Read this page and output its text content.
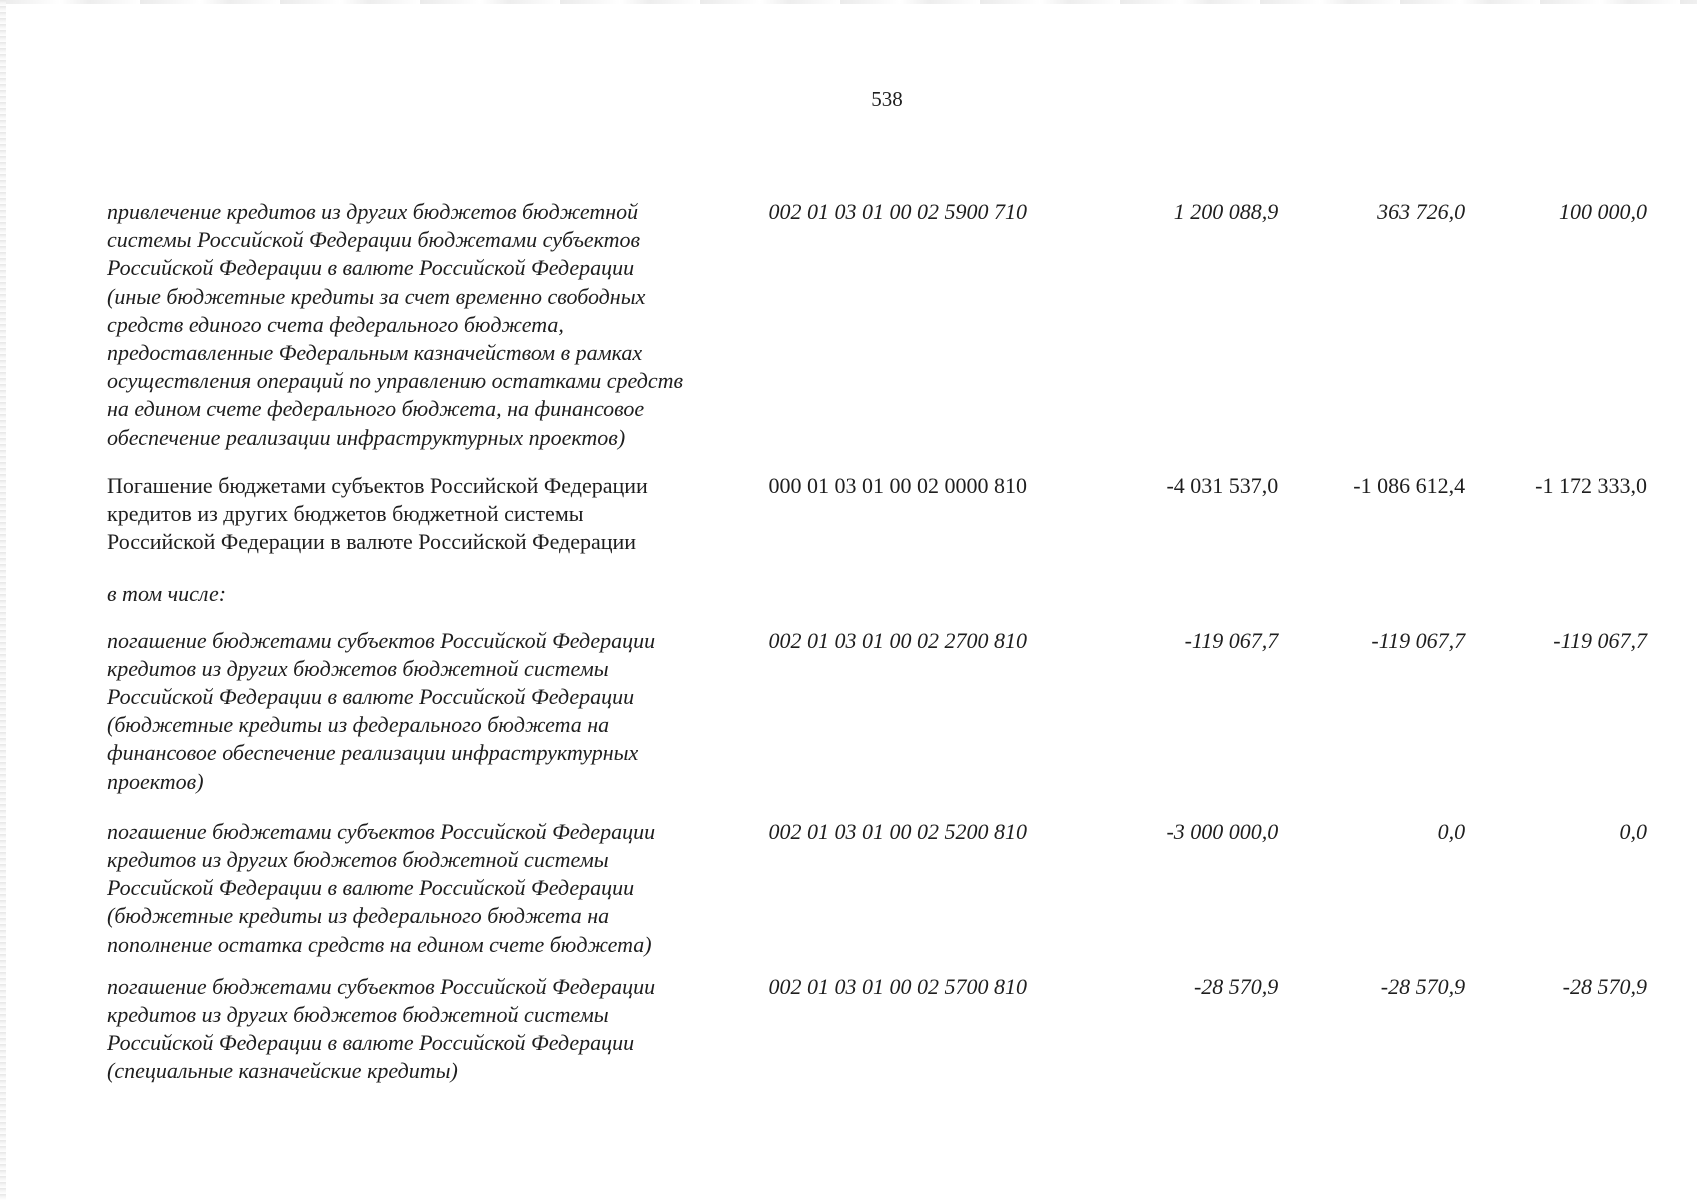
538
привлечение кредитов из других бюджетов бюджетной
системы Российской Федерации бюджетами субъектов
Российской Федерации в валюте Российской Федерации
(иные бюджетные кредиты за счет временно свободных
средств единого счета федерального бюджета,
предоставленные Федеральным казначейством в рамках
осуществления операций по управлению остатками средств
на едином счете федерального бюджета, на финансовое
обеспечение реализации инфраструктурных проектов)
002 01 03 01 00 02 5900 710	1 200 088,9	363 726,0	100 000,0
Погашение бюджетами субъектов Российской Федерации
кредитов из других бюджетов бюджетной системы
Российской Федерации в валюте Российской Федерации
000 01 03 01 00 02 0000 810	-4 031 537,0	-1 086 612,4	-1 172 333,0
в том числе:
погашение бюджетами субъектов Российской Федерации
кредитов из других бюджетов бюджетной системы
Российской Федерации в валюте Российской Федерации
(бюджетные кредиты из федерального бюджета на
финансовое обеспечение реализации инфраструктурных
проектов)
002 01 03 01 00 02 2700 810	-119 067,7	-119 067,7	-119 067,7
погашение бюджетами субъектов Российской Федерации
кредитов из других бюджетов бюджетной системы
Российской Федерации в валюте Российской Федерации
(бюджетные кредиты из федерального бюджета на
пополнение остатка средств на едином счете бюджета)
002 01 03 01 00 02 5200 810	-3 000 000,0	0,0	0,0
погашение бюджетами субъектов Российской Федерации
кредитов из других бюджетов бюджетной системы
Российской Федерации в валюте Российской Федерации
(специальные казначейские кредиты)
002 01 03 01 00 02 5700 810	-28 570,9	-28 570,9	-28 570,9
